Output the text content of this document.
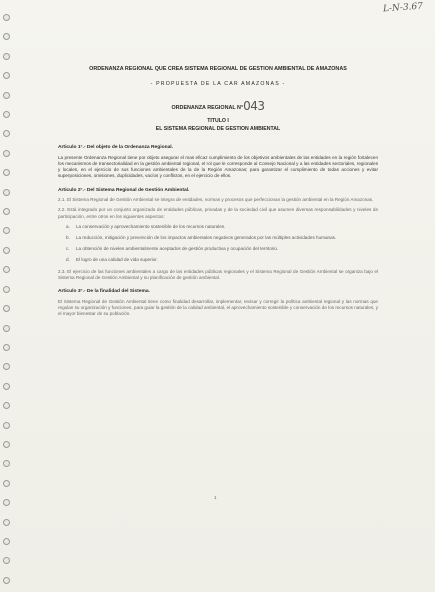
L-N-3.67
ORDENANZA REGIONAL QUE CREA SISTEMA REGIONAL DE GESTION AMBIENTAL DE AMAZONAS
- PROPUESTA DE LA CAR AMAZONAS -
ORDENANZA REGIONAL N°043
TITULO I
EL SISTEMA REGIONAL DE GESTION AMBIENTAL
Articulo 1°.- Del objeto de la Ordenanza Regional.
La presente Ordenanza Regional tiene por objeto asegurar el mas eficaz cumplimiento de los objetivos ambientales de las entidades en la región fortalecen los mecanismos de transectorialidad en la gestión ambiental regional, el rol que le corresponde al Consejo Nacional y a las entidades sectoriales, regionales y locales, en el ejercicio de sus funciones ambientales de la de la Región Amazonas; para garantizar el cumplimiento de todas acciones y evitar superposiciones, omisiones, duplicidades, vacíos y conflictos, en el ejercicio de ellos.
Articulo 2°.- Del Sistema Regional de Gestión Ambiental.
2.1. El Sistema Regional de Gestión Ambiental se integra de entidades, normas y procesos que perfeccionan la gestión ambiental en la Región Amazonas.
2.2. Está integrado por un conjunto organizado de entidades públicas, privadas y de la sociedad civil que asumen diversas responsabilidades y niveles de participación, entre otros en los siguientes aspectos:
a.	La conservación y aprovechamiento sostenible de los recursos naturales.
b.	La reducción, mitigación y prevención de los impactos ambientales negativos generados por las múltiples actividades humanas.
c.	La obtención de niveles ambientalmente aceptados de gestión productiva y ocupación del territorio.
d.	El logro de una calidad de vida superior.
2.3. El ejercicio de las funciones ambientales a cargo de las entidades públicas regionales y el Sistema Regional de Gestión Ambiental se organiza bajo el Sistema Regional de Gestión Ambiental y su planificación de gestión ambiental.
Articulo 3°.- De la finalidad del Sistema.
El Sistema Regional de Gestión Ambiental tiene como finalidad desarrollar, implementar, revisar y corregir la política ambiental regional y las normas que regulan su organización y funciones, para guiar la gestión de la calidad ambiental, el aprovechamiento sostenible y conservación de los recursos naturales, y el mayor bienestar de su población.
1
